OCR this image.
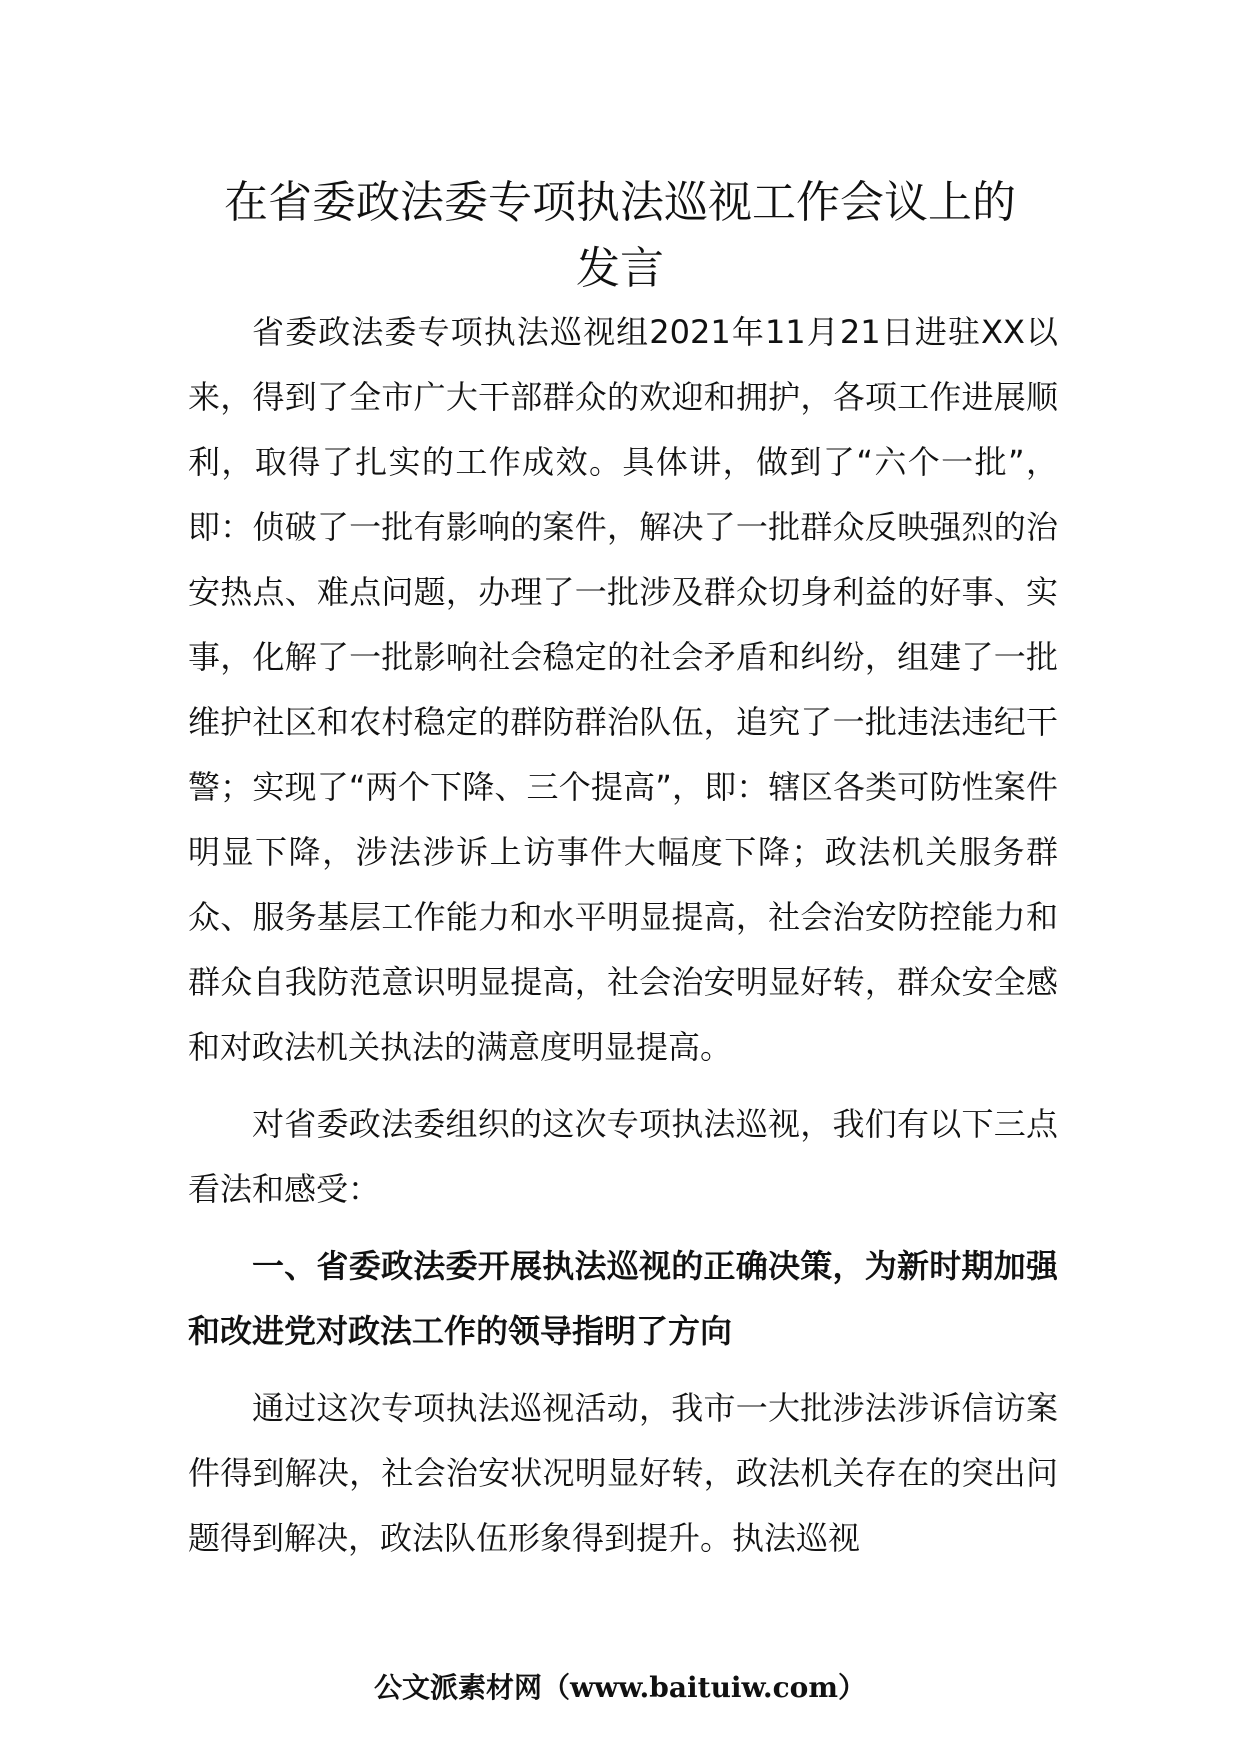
在省委政法委专项执法巡视工作会议上的
发言

省委政法委专项执法巡视组2021年11月21日进驻XX以来，得到了全市广大干部群众的欢迎和拥护，各项工作进展顺利，取得了扎实的工作成效。具体讲，做到了“六个一批”，即：侦破了一批有影响的案件，解决了一批群众反映强烈的治安热点、难点问题，办理了一批涉及群众切身利益的好事、实事，化解了一批影响社会稳定的社会矛盾和纠纷，组建了一批维护社区和农村稳定的群防群治队伍，追究了一批违法违纪干警；实现了“两个下降、三个提高”，即：辖区各类可防性案件明显下降，涉法涉诉上访事件大幅度下降；政法机关服务群众、服务基层工作能力和水平明显提高，社会治安防控能力和群众自我防范意识明显提高，社会治安明显好转，群众安全感和对政法机关执法的满意度明显提高。

对省委政法委组织的这次专项执法巡视，我们有以下三点看法和感受：

一、省委政法委开展执法巡视的正确决策，为新时期加强和改进党对政法工作的领导指明了方向

通过这次专项执法巡视活动，我市一大批涉法涉诉信访案件得到解决，社会治安状况明显好转，政法机关存在的突出问题得到解决，政法队伍形象得到提升。执法巡视

公文派素材网（www.baituiw.com）
